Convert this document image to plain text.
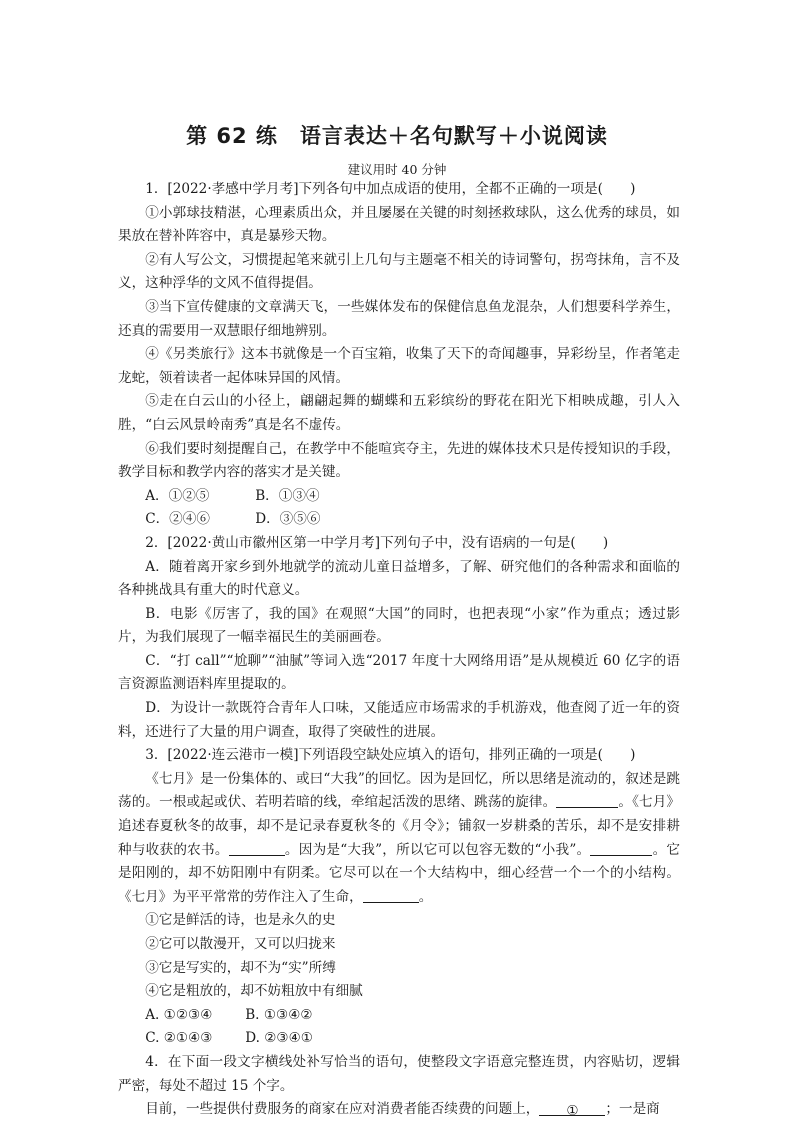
第 62 练　语言表达＋名句默写＋小说阅读
建议用时 40 分钟

1．[2022·孝感中学月考]下列各句中加点成语的使用，全都不正确的一项是(　　)

①小郭球技精湛，心理素质出众，并且屡屡在关键的时刻拯救球队，这么优秀的球员，如果放在替补阵容中，真是暴殄天物。

②有人写公文，习惯提起笔来就引上几句与主题毫不相关的诗词警句，拐弯抹角，言不及义，这种浮华的文风不值得提倡。

③当下宣传健康的文章满天飞，一些媒体发布的保健信息鱼龙混杂，人们想要科学养生，还真的需要用一双慧眼仔细地辨别。

④《另类旅行》这本书就像是一个百宝箱，收集了天下的奇闻趣事，异彩纷呈，作者笔走龙蛇，领着读者一起体味异国的风情。

⑤走在白云山的小径上，翩翩起舞的蝴蝶和五彩缤纷的野花在阳光下相映成趣，引人入胜，“白云风景岭南秀”真是名不虚传。

⑥我们要时刻提醒自己，在教学中不能喧宾夺主，先进的媒体技术只是传授知识的手段，教学目标和教学内容的落实才是关键。

A．①②⑤	B．①③④
C．②④⑥	D．③⑤⑥

2．[2022·黄山市徽州区第一中学月考]下列句子中，没有语病的一句是(　　)

A．随着离开家乡到外地就学的流动儿童日益增多，了解、研究他们的各种需求和面临的各种挑战具有重大的时代意义。

B．电影《厉害了，我的国》在观照“大国”的同时，也把表现“小家”作为重点；透过影片，为我们展现了一幅幸福民生的美丽画卷。

C．“打 call”“尬聊”“油腻”等词入选“2017 年度十大网络用语”是从规模近 60 亿字的语言资源监测语料库里提取的。

D．为设计一款既符合青年人口味，又能适应市场需求的手机游戏，他查阅了近一年的资料，还进行了大量的用户调查，取得了突破性的进展。

3．[2022·连云港市一模]下列语段空缺处应填入的语句，排列正确的一项是(　　)

《七月》是一份集体的、或曰“大我”的回忆。因为是回忆，所以思绪是流动的，叙述是跳荡的。一根或起或伏、若明若暗的线，牵绾起活泼的思绪、跳荡的旋律。	。《七月》追述春夏秋冬的故事，却不是记录春夏秋冬的《月令》；铺叙一岁耕桑的苦乐，却不是安排耕种与收获的农书。	。因为是“大我”，所以它可以包容无数的“小我”。	。它是阳刚的，却不妨阳刚中有阴柔。它尽可以在一个大结构中，细心经营一个一个的小结构。《七月》为平平常常的劳作注入了生命，	。

①它是鲜活的诗，也是永久的史

②它可以散漫开，又可以归拢来

③它是写实的，却不为“实”所缚

④它是粗放的，却不妨粗放中有细腻

A. ①②③④	B. ①③④②
C. ②①④③	D. ②③④①

4．在下面一段文字横线处补写恰当的语句，使整段文字语意完整连贯，内容贴切，逻辑严密，每处不超过 15 个字。

目前，一些提供付费服务的商家在应对消费者能否续费的问题上， ① ；一是商
